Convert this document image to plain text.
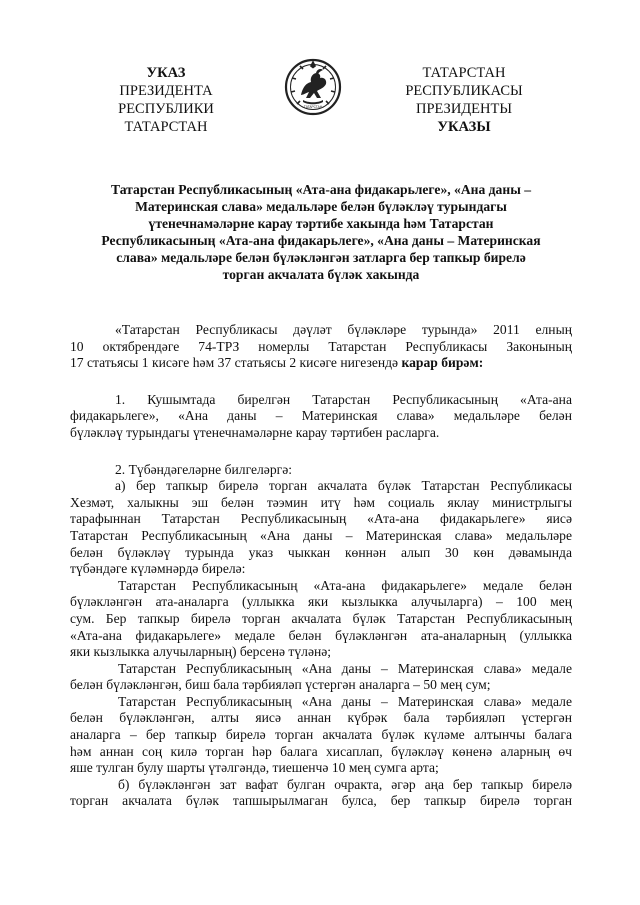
УКАЗ
ПРЕЗИДЕНТА
РЕСПУБЛИКИ ТАТАРСТАН
ТАТАРСТАН
ТАТАРСТАН РЕСПУБЛИКАСЫ
ПРЕЗИДЕНТЫ
УКАЗЫ
Татарстан Республикасының «Ата-ана фидакарьлеге», «Ана даны –
Материнская слава» медальләре белән бүләкләү турындагы
үтенечнамәләрне карау тәртибе хакында һәм Татарстан
Республикасының «Ата-ана фидакарьлеге», «Ана даны – Материнская
слава» медальләре белән бүләкләнгән затларга бер тапкыр бирелә
торган акчалата бүләк хакында
«Татарстан Республикасы дәүләт бүләкләре турында» 2011 елның
10 октябрендәге 74-ТРЗ номерлы Татарстан Республикасы Законының
17 статьясы 1 кисәге һәм 37 статьясы 2 кисәге нигезендә карар бирәм:
1. Кушымтада бирелгән Татарстан Республикасының «Ата-ана
фидакарьлеге», «Ана даны – Материнская слава» медальләре белән
бүләкләү турындагы үтенечнамәләрне карау тәртибен расларга.
2. Түбәндәгеләрне билгеләргә:
а) бер тапкыр бирелә торган акчалата бүләк Татарстан Республикасы
Хезмәт, халыкны эш белән тәэмин итү һәм социаль яклау министрлыгы
тарафыннан Татарстан Республикасының «Ата-ана фидакарьлеге» яисә
Татарстан Республикасының «Ана даны – Материнская слава» медальләре
белән бүләкләү турында указ чыккан көннән алып 30 көн дәвамында
түбәндәге күләмнәрдә бирелә:
Татарстан Республикасының «Ата-ана фидакарьлеге» медале белән
бүләкләнгән ата-аналарга (уллыкка яки кызлыкка алучыларга) – 100 мең
сум. Бер тапкыр бирелә торган акчалата бүләк Татарстан Республикасының
«Ата-ана фидакарьлеге» медале белән бүләкләнгән ата-аналарның (уллыкка
яки кызлыкка алучыларның) берсенә түләнә;
Татарстан Республикасының «Ана даны – Материнская слава» медале
белән бүләкләнгән, биш бала тәрбияләп үстергән аналарга – 50 мең сум;
Татарстан Республикасының «Ана даны – Материнская слава» медале
белән бүләкләнгән, алты яисә аннан күбрәк бала тәрбияләп үстергән
аналарга – бер тапкыр бирелә торган акчалата бүләк күләме алтынчы балага
һәм аннан соң килә торган һәр балага хисаплап, бүләкләү көненә аларның өч
яше тулган булу шарты үтәлгәндә, тиешенчә 10 мең сумга арта;
б) бүләкләнгән зат вафат булган очракта, әгәр аңа бер тапкыр бирелә
торган акчалата бүләк тапшырылмаган булса, бер тапкыр бирелә торган
